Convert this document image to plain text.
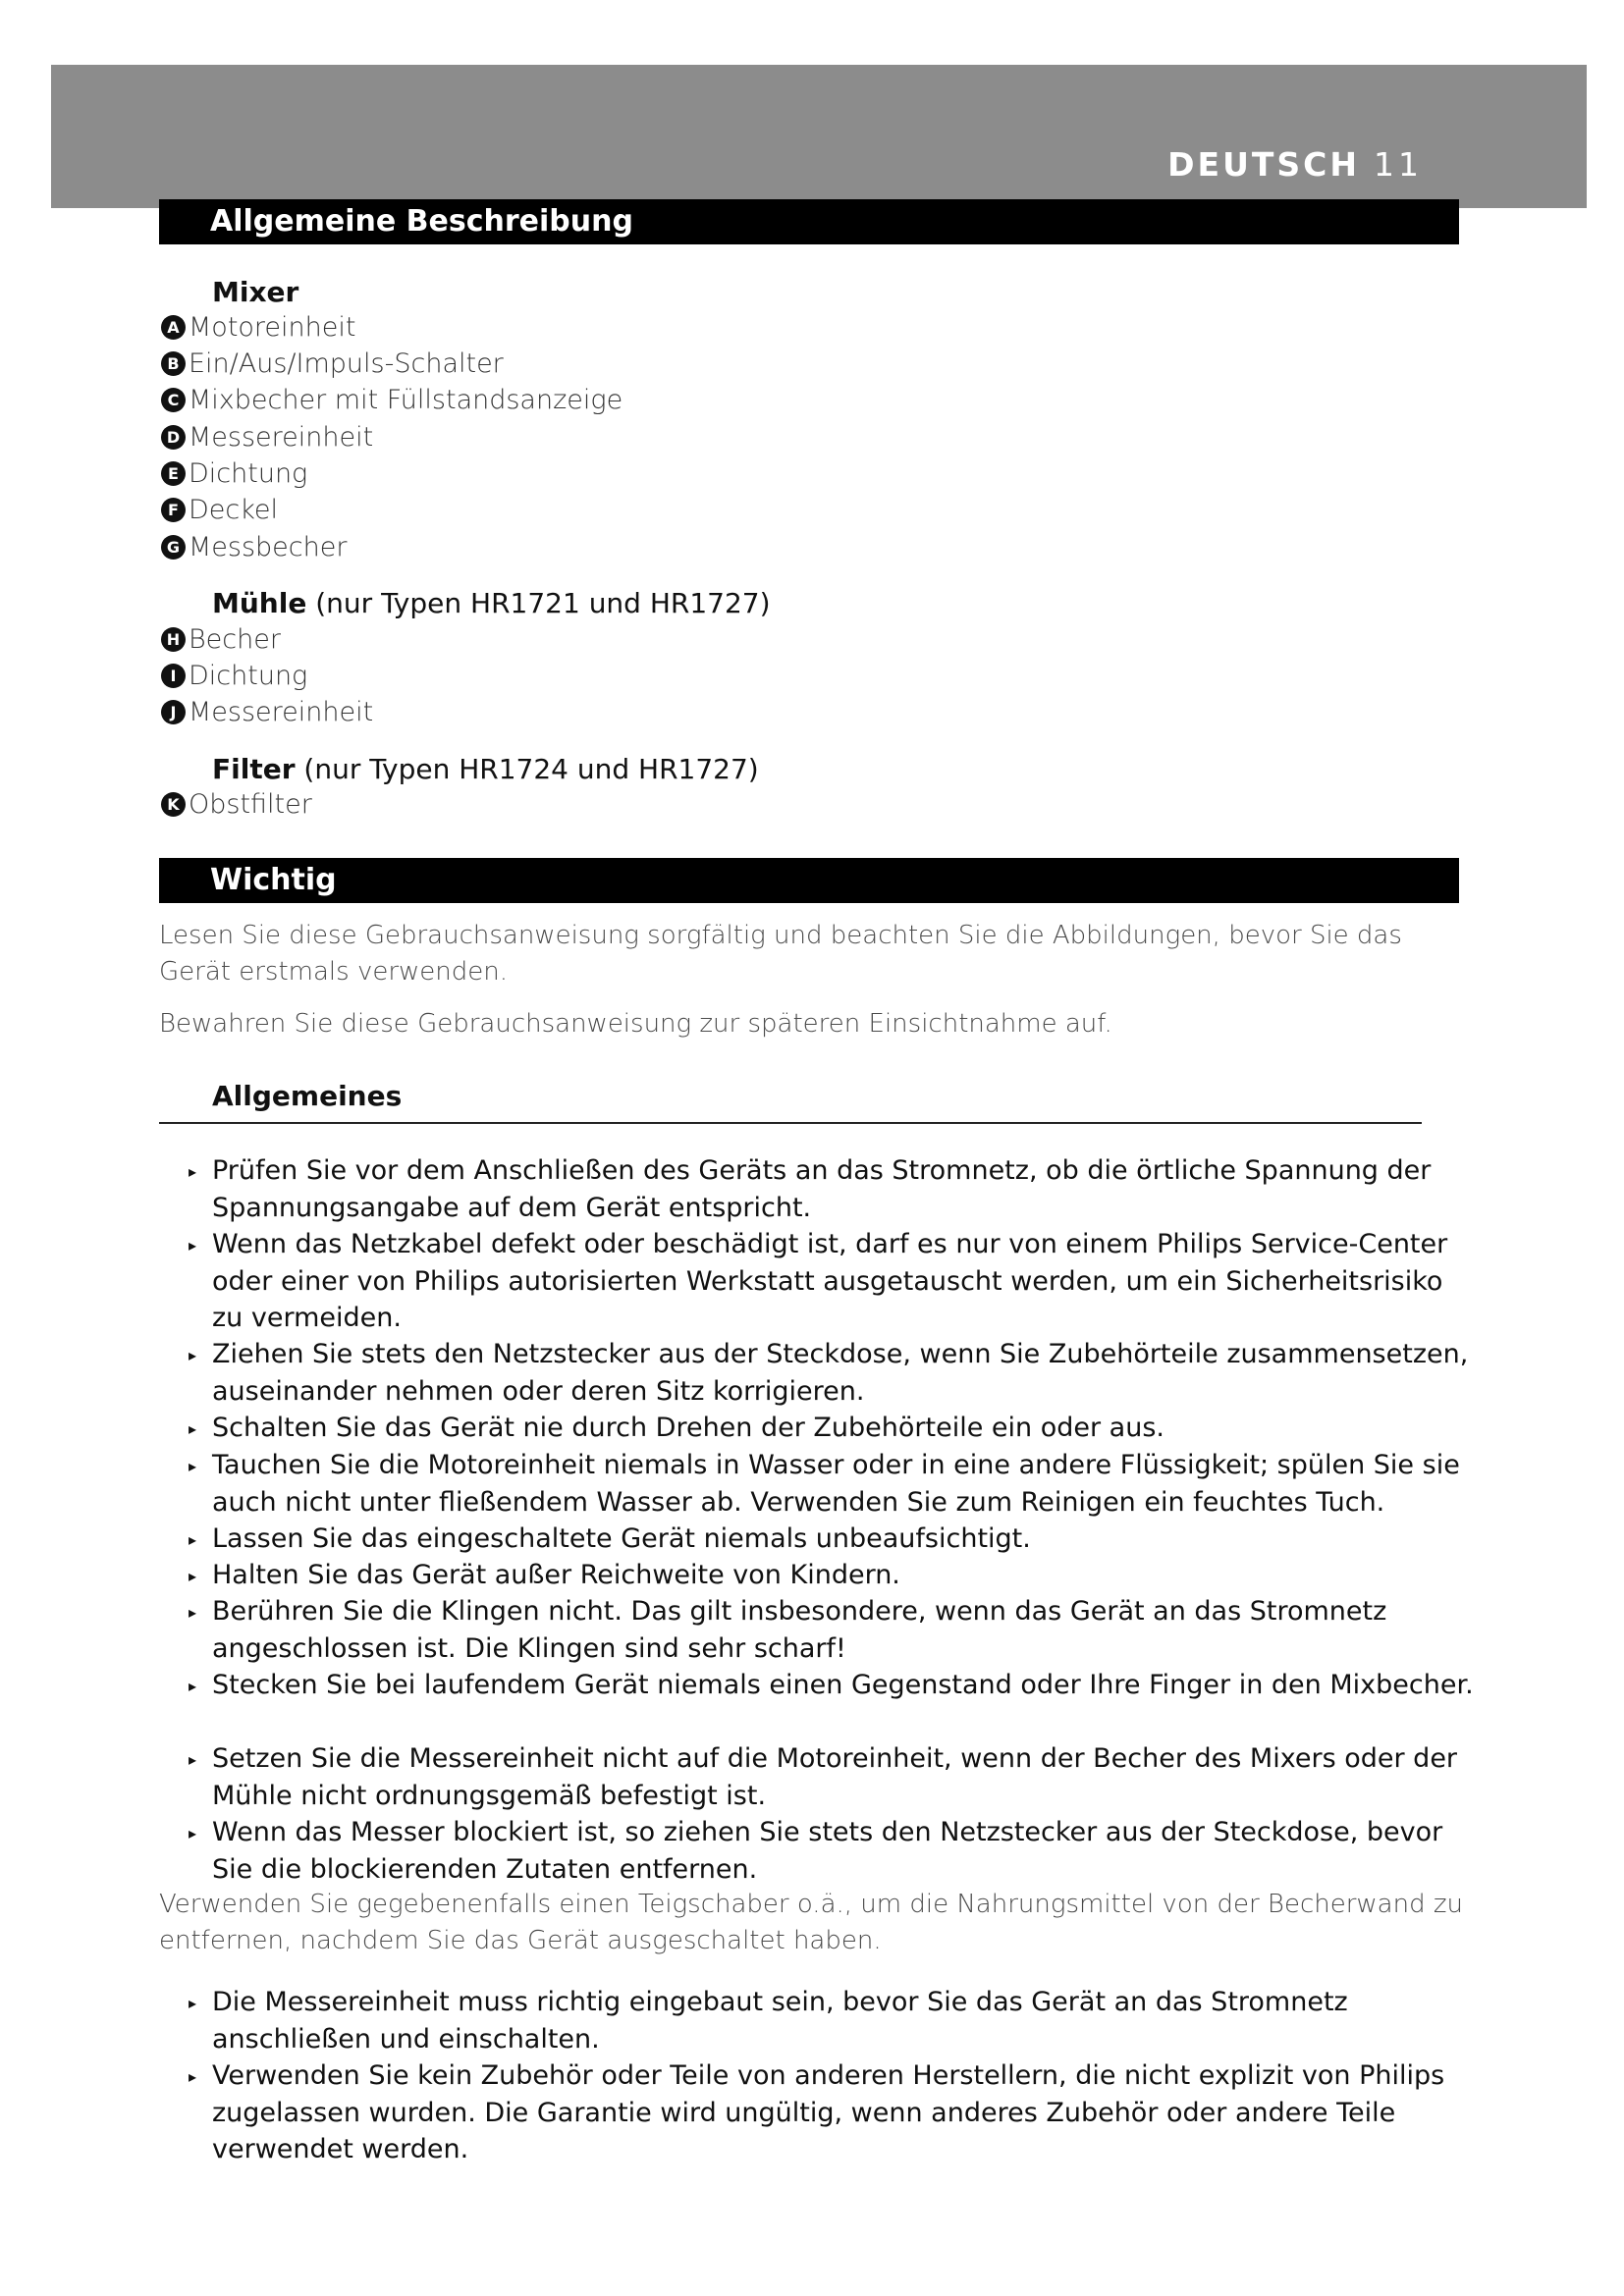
DEUTSCH 11
Allgemeine Beschreibung
Mixer
A Motoreinheit
B Ein/Aus/Impuls-Schalter
C Mixbecher mit Füllstandsanzeige
D Messereinheit
E Dichtung
F Deckel
G Messbecher
Mühle (nur Typen HR1721 und HR1727)
H Becher
I Dichtung
J Messereinheit
Filter (nur Typen HR1724 und HR1727)
K Obstfilter
Wichtig
Lesen Sie diese Gebrauchsanweisung sorgfältig und beachten Sie die Abbildungen, bevor Sie das Gerät erstmals verwenden.
Bewahren Sie diese Gebrauchsanweisung zur späteren Einsichtnahme auf.
Allgemeines
▸ Prüfen Sie vor dem Anschließen des Geräts an das Stromnetz, ob die örtliche Spannung der Spannungsangabe auf dem Gerät entspricht.
▸ Wenn das Netzkabel defekt oder beschädigt ist, darf es nur von einem Philips Service-Center oder einer von Philips autorisierten Werkstatt ausgetauscht werden, um ein Sicherheitsrisiko zu vermeiden.
▸ Ziehen Sie stets den Netzstecker aus der Steckdose, wenn Sie Zubehörteile zusammensetzen, auseinander nehmen oder deren Sitz korrigieren.
▸ Schalten Sie das Gerät nie durch Drehen der Zubehörteile ein oder aus.
▸ Tauchen Sie die Motoreinheit niemals in Wasser oder in eine andere Flüssigkeit; spülen Sie sie auch nicht unter fließendem Wasser ab. Verwenden Sie zum Reinigen ein feuchtes Tuch.
▸ Lassen Sie das eingeschaltete Gerät niemals unbeaufsichtigt.
▸ Halten Sie das Gerät außer Reichweite von Kindern.
▸ Berühren Sie die Klingen nicht. Das gilt insbesondere, wenn das Gerät an das Stromnetz angeschlossen ist. Die Klingen sind sehr scharf!
▸ Stecken Sie bei laufendem Gerät niemals einen Gegenstand oder Ihre Finger in den Mixbecher.
▸ Setzen Sie die Messereinheit nicht auf die Motoreinheit, wenn der Becher des Mixers oder der Mühle nicht ordnungsgemäß befestigt ist.
▸ Wenn das Messer blockiert ist, so ziehen Sie stets den Netzstecker aus der Steckdose, bevor Sie die blockierenden Zutaten entfernen.
Verwenden Sie gegebenenfalls einen Teigschaber o.ä., um die Nahrungsmittel von der Becherwand zu entfernen, nachdem Sie das Gerät ausgeschaltet haben.
▸ Die Messereinheit muss richtig eingebaut sein, bevor Sie das Gerät an das Stromnetz anschließen und einschalten.
▸ Verwenden Sie kein Zubehör oder Teile von anderen Herstellern, die nicht explizit von Philips zugelassen wurden. Die Garantie wird ungültig, wenn anderes Zubehör oder andere Teile verwendet werden.
